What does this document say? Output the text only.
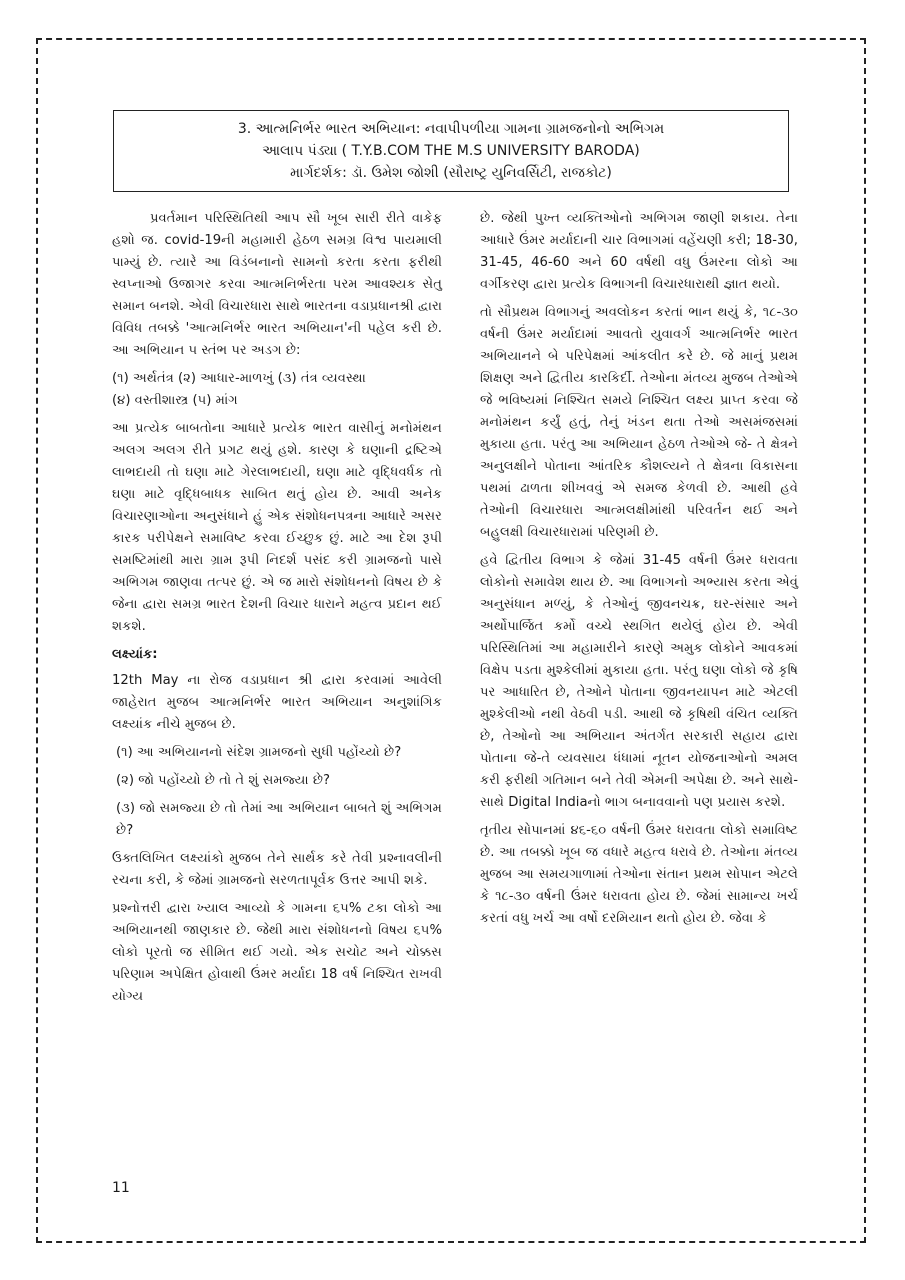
3. આત્મનિર્ભર ભારત અભિયાન: નવાપીપળીયા ગામના ગ્રામજનોનો અભિગમ
આલાપ પંડ્યા ( T.Y.B.COM THE M.S UNIVERSITY BARODA)
માર્ગદર્શક: ડૉ. ઉમેશ જોશી (સૌરાષ્ટ્ર યુનિવર્સિટી, રાજકોટ)

પ્રવર્તમાન પરિસ્થિતિથી આપ સૌ ખૂબ સારી રીતે વાકેફ હશો જ. covid-19ની મહામારી હેઠળ સમગ્ર વિશ્વ પાયમાલી પામ્યું છે. ત્યારે આ વિડંબનાનો સામનો કરતા કરતા ફરીથી સ્વપ્નાઓ ઉજાગર કરવા આત્મનિર્ભરતા પરમ આવશ્યક સેતુ સમાન બનશે. એવી વિચારધારા સાથે ભારતના વડાપ્રધાનશ્રી દ્વારા વિવિધ તબક્કે 'આત્મનિર્ભર ભારત અભિયાન'ની પહેલ કરી છે. આ અભિયાન ૫ સ્તંભ પર અડગ છે:

(૧) અર્થતંત્ર (૨) આધાર-માળખું (૩) તંત્ર વ્યવસ્થા

(૪) વસ્તીશાસ્ત્ર (૫) માંગ

આ પ્રત્યેક બાબતોના આધારે પ્રત્યેક ભારત વાસીનું મનોમંથન અલગ અલગ રીતે પ્રગટ થયું હશે. કારણ કે ઘણાની દ્રષ્ટિએ લાભદાયી તો ઘણા માટે ગેરલાભદાયી, ઘણા માટે વૃદ્ધિવર્ધક તો ઘણા માટે વૃદ્ધિબાધક સાબિત થતું હોય છે. આવી અનેક વિચારણાઓના અનુસંધાને હું એક સંશોધનપત્રના આધારે અસર કારક પરીપેક્ષને સમાવિષ્ટ કરવા ઈચ્છુક છું. માટે આ દેશ રૂપી સમષ્ટિમાંથી મારા ગ્રામ રૂપી નિદર્શ પસંદ કરી ગ્રામજનો પાસે અભિગમ જાણવા તત્પર છું. એ જ મારો સંશોધનનો વિષય છે કે જેના દ્વારા સમગ્ર ભારત દેશની વિચાર ધારાને મહત્વ પ્રદાન થઈ શકશે.

લક્ષ્યાંક:

12th May ના રોજ વડાપ્રધાન શ્રી દ્વારા કરવામાં આવેલી જાહેરાત મુજબ આત્મનિર્ભર ભારત અભિયાન અનુશાંગિક લક્ષ્યાંક નીચે મુજબ છે.

(૧) આ અભિયાનનો સંદેશ ગ્રામજનો સુધી પહોંચ્યો છે?

(૨) જો પહોંચ્યો છે તો તે શું સમજ્યા છે?

(૩) જો સમજ્યા છે તો તેમાં આ અભિયાન બાબતે શું અભિગમ છે?

ઉક્તલિખિત લક્ષ્યાંકો મુજબ તેને સાર્થક કરે તેવી પ્રશ્નાવલીની રચના કરી, કે જેમાં ગ્રામજનો સરળતાપૂર્વક ઉત્તર આપી શકે.

પ્રશ્નોત્તરી દ્વારા ખ્યાલ આવ્યો કે ગામના ૬૫% ટકા લોકો આ અભિયાનથી જાણકાર છે. જેથી મારા સંશોધનનો વિષય ૬૫% લોકો પૂરતો જ સીમિત થઈ ગયો. એક સચોટ અને ચોક્કસ પરિણામ અપેક્ષિત હોવાથી ઉંમર મર્યાદા 18 વર્ષ નિશ્ચિત રાખવી યોગ્ય

છે. જેથી પુખ્ત વ્યક્તિઓનો અભિગમ જાણી શકાય. તેના આધારે ઉંમર મર્યાદાની ચાર વિભાગમાં વહેંચણી કરી; 18-30, 31-45, 46-60 અને 60 વર્ષથી વધુ ઉંમરના લોકો આ વર્ગીકરણ દ્વારા પ્રત્યેક વિભાગની વિચારધારાથી જ્ઞાત થયો.

તો સૌપ્રથમ વિભાગનું અવલોકન કરતાં ભાન થયું કે, ૧૮-૩૦ વર્ષની ઉંમર મર્યાદામાં આવતો યુવાવર્ગ આત્મનિર્ભર ભારત અભિયાનને બે પરિપેક્ષમાં આંકલીત કરે છે. જે માનું પ્રથમ શિક્ષણ અને દ્વિતીય કારકિર્દી. તેઓના મંતવ્ય મુજબ તેઓએ જે ભવિષ્યમાં નિશ્ચિત સમયે નિશ્ચિત લક્ષ્ય પ્રાપ્ત કરવા જે મનોમંથન કર્યું હતું, તેનું ખંડન થતા તેઓ અસમંજસમાં મુકાયા હતા. પરંતુ આ અભિયાન હેઠળ તેઓએ જે- તે ક્ષેત્રને અનુલક્ષીને પોતાના આંતરિક કૌશલ્યને તે ક્ષેત્રના વિકાસના પથમાં ઢાળતા શીખવવું એ સમજ કેળવી છે. આથી હવે તેઓની વિચારધારા આત્મલક્ષીમાંથી પરિવર્તન થઈ અને બહુલક્ષી વિચારધારામાં પરિણમી છે.

હવે દ્વિતીય વિભાગ કે જેમાં 31-45 વર્ષની ઉંમર ધરાવતા લોકોનો સમાવેશ થાય છે. આ વિભાગનો અભ્યાસ કરતા એવું અનુસંધાન મળ્યું, કે તેઓનું જીવનચક્ર, ઘર-સંસાર અને અર્થોપાર્જિત કર્મો વચ્ચે સ્થગિત થયેલું હોય છે. એવી પરિસ્થિતિમાં આ મહામારીને કારણે અમુક લોકોને આવકમાં વિક્ષેપ પડતા મુશ્કેલીમાં મુકાયા હતા. પરંતુ ઘણા લોકો જે કૃષિ પર આધારિત છે, તેઓને પોતાના જીવનયાપન માટે એટલી મુશ્કેલીઓ નથી વેઠવી પડી. આથી જે કૃષિથી વંચિત વ્યક્તિ છે, તેઓનો આ અભિયાન અંતર્ગત સરકારી સહાય દ્વારા પોતાના જે-તે વ્યવસાય ધંધામાં નૂતન યોજનાઓનો અમલ કરી ફરીથી ગતિમાન બને તેવી એમની અપેક્ષા છે. અને સાથે-સાથે Digital Indiaનો ભાગ બનાવવાનો પણ પ્રયાસ કરશે.

તૃતીય સોપાનમાં ૪૬-૬૦ વર્ષની ઉંમર ધરાવતા લોકો સમાવિષ્ટ છે. આ તબક્કો ખૂબ જ વધારે મહત્વ ધરાવે છે. તેઓના મંતવ્ય મુજબ આ સમયગાળામાં તેઓના સંતાન પ્રથમ સોપાન એટલે કે ૧૮-૩૦ વર્ષની ઉંમર ધરાવતા હોય છે. જેમાં સામાન્ય ખર્ચ કરતાં વધુ ખર્ચ આ વર્ષો દરમિયાન થતો હોય છે. જેવા કે

11
